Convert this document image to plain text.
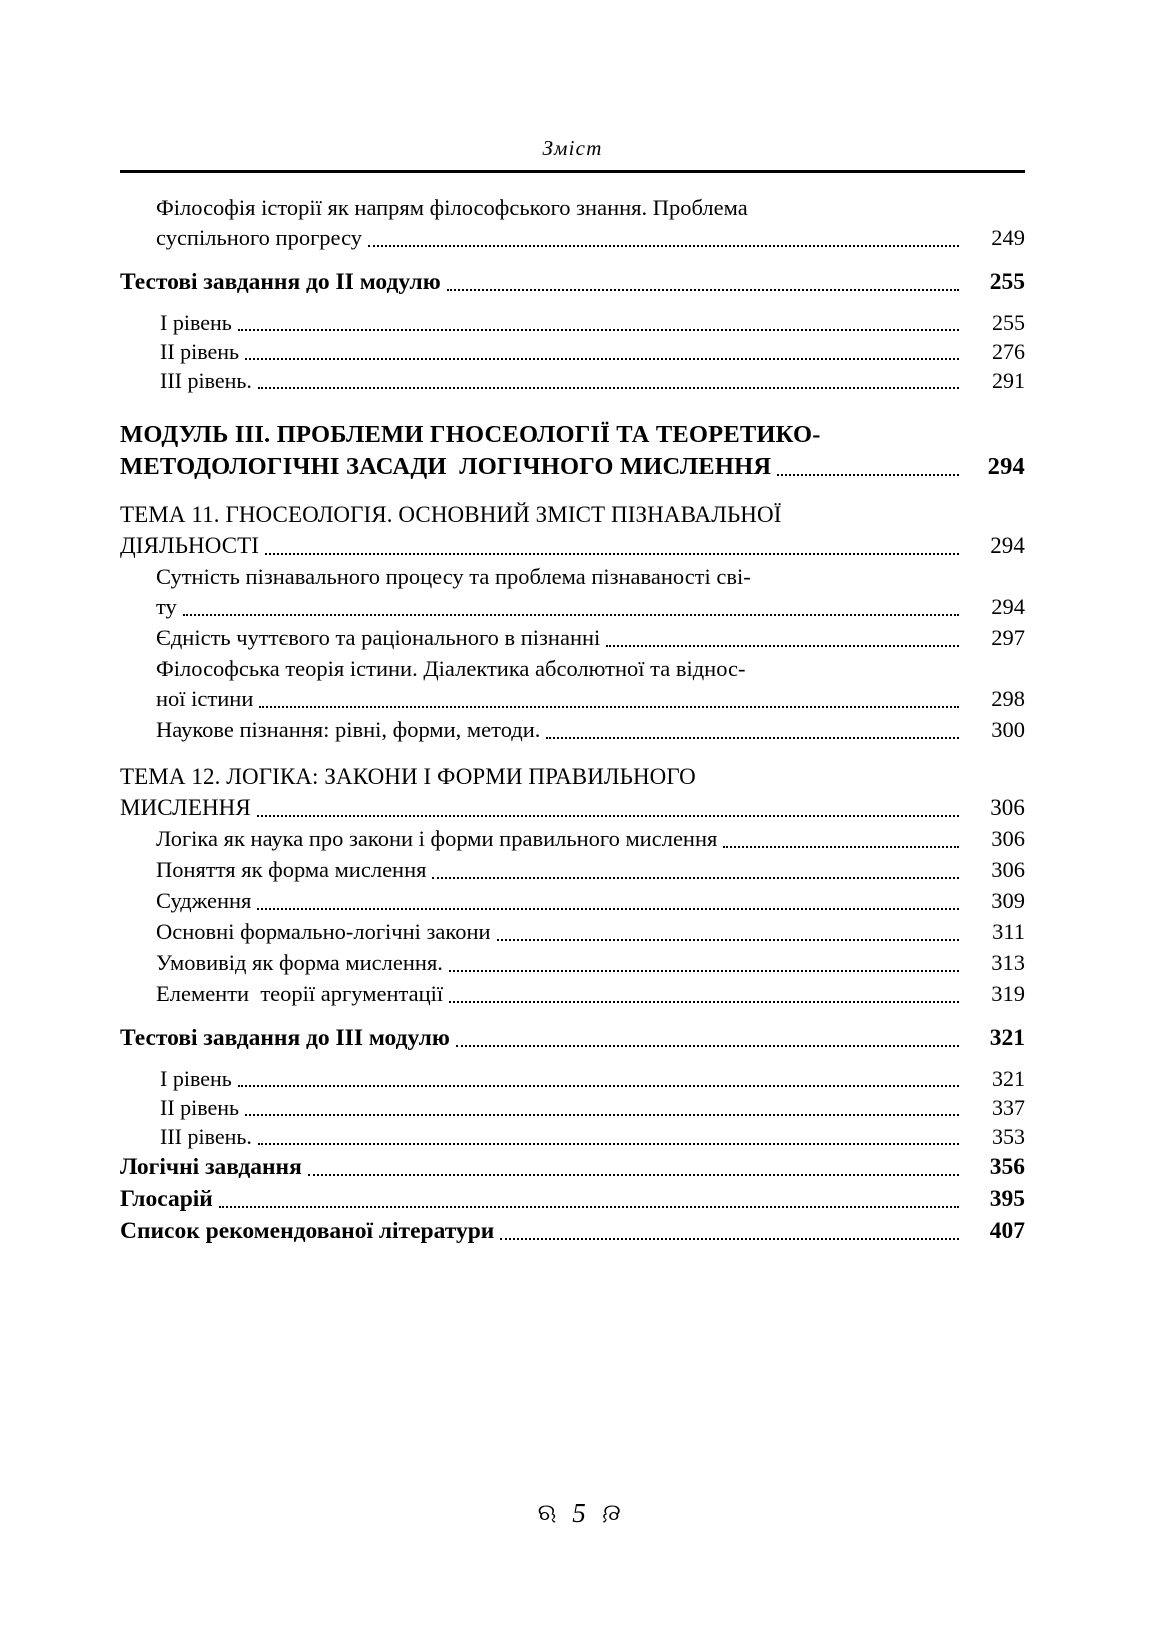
Зміст
Філософія історії як напрям філософського знання. Проблема
суспільного прогресу	249
Тестові завдання до II модулю	255
I рівень	255
II рівень	276
III рівень.	291
МОДУЛЬ III. ПРОБЛЕМИ ГНОСЕОЛОГІЇ ТА ТЕОРЕТИКО-
МЕТОДОЛОГІЧНІ ЗАСАДИ  ЛОГІЧНОГО МИСЛЕННЯ	294
ТЕМА 11. ГНОСЕОЛОГІЯ. ОСНОВНИЙ ЗМІСТ ПІЗНАВАЛЬНОЇ
ДІЯЛЬНОСТІ	294
Сутність пізнавального процесу та проблема пізнаваності сві-
ту	294
Єдність чуттєвого та раціонального в пізнанні	297
Філософська теорія істини. Діалектика абсолютної та віднос-
ної істини	298
Наукове пізнання: рівні, форми, методи.	300
ТЕМА 12. ЛОГІКА: ЗАКОНИ І ФОРМИ ПРАВИЛЬНОГО
МИСЛЕННЯ	306
Логіка як наука про закони і форми правильного мислення	306
Поняття як форма мислення	306
Судження	309
Основні формально-логічні закони	311
Умовивід як форма мислення.	313
Елементи  теорії аргументації	319
Тестові завдання до III модулю	321
I рівень	321
II рівень	337
III рівень.	353
Логічні завдання	356
Глосарій	395
Список рекомендованої літератури	407
ଋ 5 ଋ
